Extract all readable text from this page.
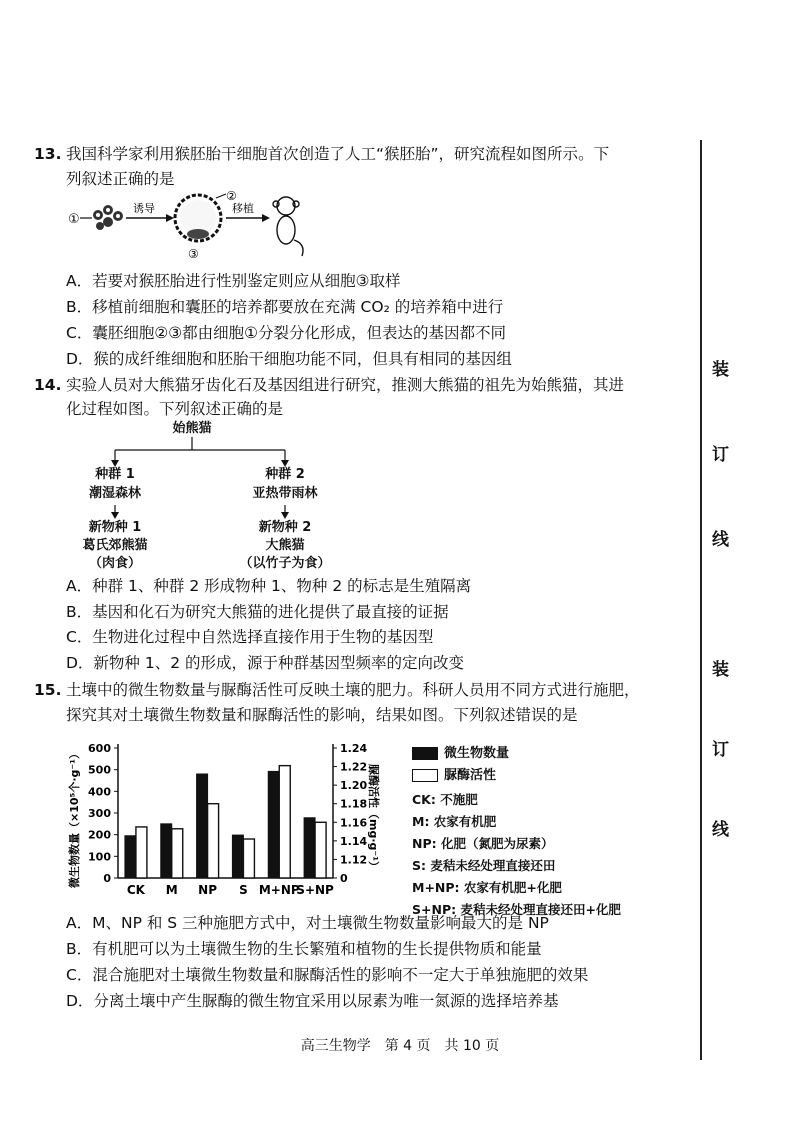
装
订
线
装
订
线
13. 我国科学家利用猴胚胎干细胞首次创造了人工“猴胚胎”，研究流程如图所示。下
列叙述正确的是
①
诱导
②
③
移植
A．若要对猴胚胎进行性别鉴定则应从细胞③取样
B．移植前细胞和囊胚的培养都要放在充满 CO₂ 的培养箱中进行
C．囊胚细胞②③都由细胞①分裂分化形成，但表达的基因都不同
D．猴的成纤维细胞和胚胎干细胞功能不同，但具有相同的基因组
14. 实验人员对大熊猫牙齿化石及基因组进行研究，推测大熊猫的祖先为始熊猫，其进
化过程如图。下列叙述正确的是
始熊猫
种群 1
潮湿森林
新物种 1
葛氏郊熊猫
（肉食）
种群 2
亚热带雨林
新物种 2
大熊猫
（以竹子为食）
A．种群 1、种群 2 形成物种 1、物种 2 的标志是生殖隔离
B．基因和化石为研究大熊猫的进化提供了最直接的证据
C．生物进化过程中自然选择直接作用于生物的基因型
D．新物种 1、2 的形成，源于种群基因型频率的定向改变
15. 土壤中的微生物数量与脲酶活性可反映土壤的肥力。科研人员用不同方式进行施肥，
探究其对土壤微生物数量和脲酶活性的影响，结果如图。下列叙述错误的是
微生物数量（×10⁵个·g⁻¹）	脲酶活性（mg·g⁻¹）
0
100
200
300
400
500
600
0
1.12
1.14
1.16
1.18
1.20
1.22
1.24
CK M NP S M+NP
S+NP
微生物数量
脲酶活性
CK: 不施肥
M: 农家有机肥
NP: 化肥（氮肥为尿素）
S: 麦秸未经处理直接还田
M+NP: 农家有机肥+化肥
S+NP: 麦秸未经处理直接还田+化肥
A．M、NP 和 S 三种施肥方式中，对土壤微生物数量影响最大的是 NP
B．有机肥可以为土壤微生物的生长繁殖和植物的生长提供物质和能量
C．混合施肥对土壤微生物数量和脲酶活性的影响不一定大于单独施肥的效果
D．分离土壤中产生脲酶的微生物宜采用以尿素为唯一氮源的选择培养基
高三生物学　第 4 页　共 10 页
